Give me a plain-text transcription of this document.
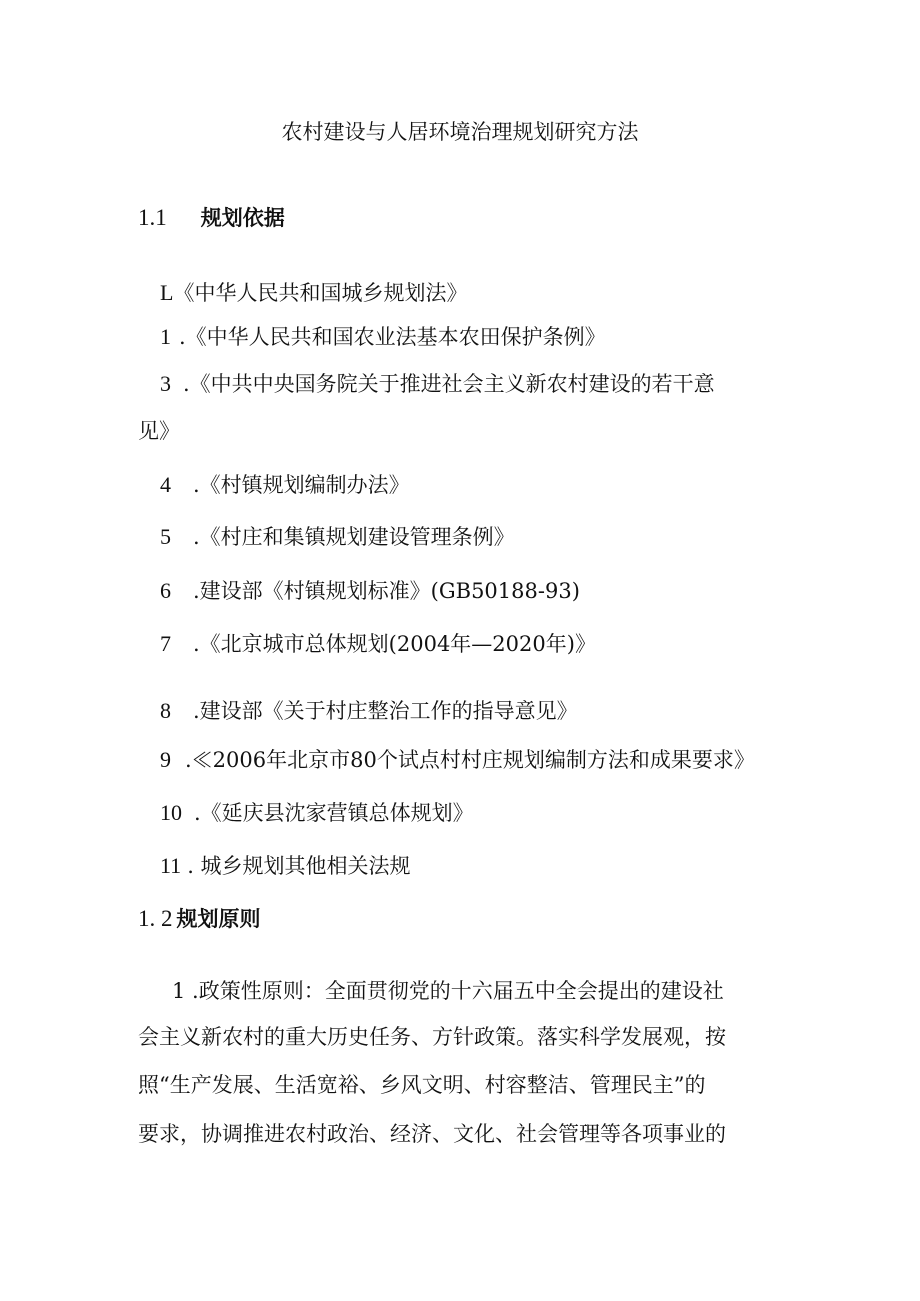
农村建设与人居环境治理规划研究方法
1.1 规划依据
L《中华人民共和国城乡规划法》
1 .《中华人民共和国农业法基本农田保护条例》
3 .《中共中央国务院关于推进社会主义新农村建设的若干意
见》
4 .《村镇规划编制办法》
5 .《村庄和集镇规划建设管理条例》
6 .建设部《村镇规划标准》(GB50188-93)
7 .《北京城市总体规划(2004年—2020年)》
8 .建设部《关于村庄整治工作的指导意见》
9 .≪2006年北京市80个试点村村庄规划编制方法和成果要求》
10 .《延庆县沈家营镇总体规划》
11 . 城乡规划其他相关法规
1. 2 规划原则
1 .政策性原则：全面贯彻党的十六届五中全会提出的建设社
会主义新农村的重大历史任务、方针政策。落实科学发展观，按
照“生产发展、生活宽裕、乡风文明、村容整洁、管理民主”的
要求，协调推进农村政治、经济、文化、社会管理等各项事业的
